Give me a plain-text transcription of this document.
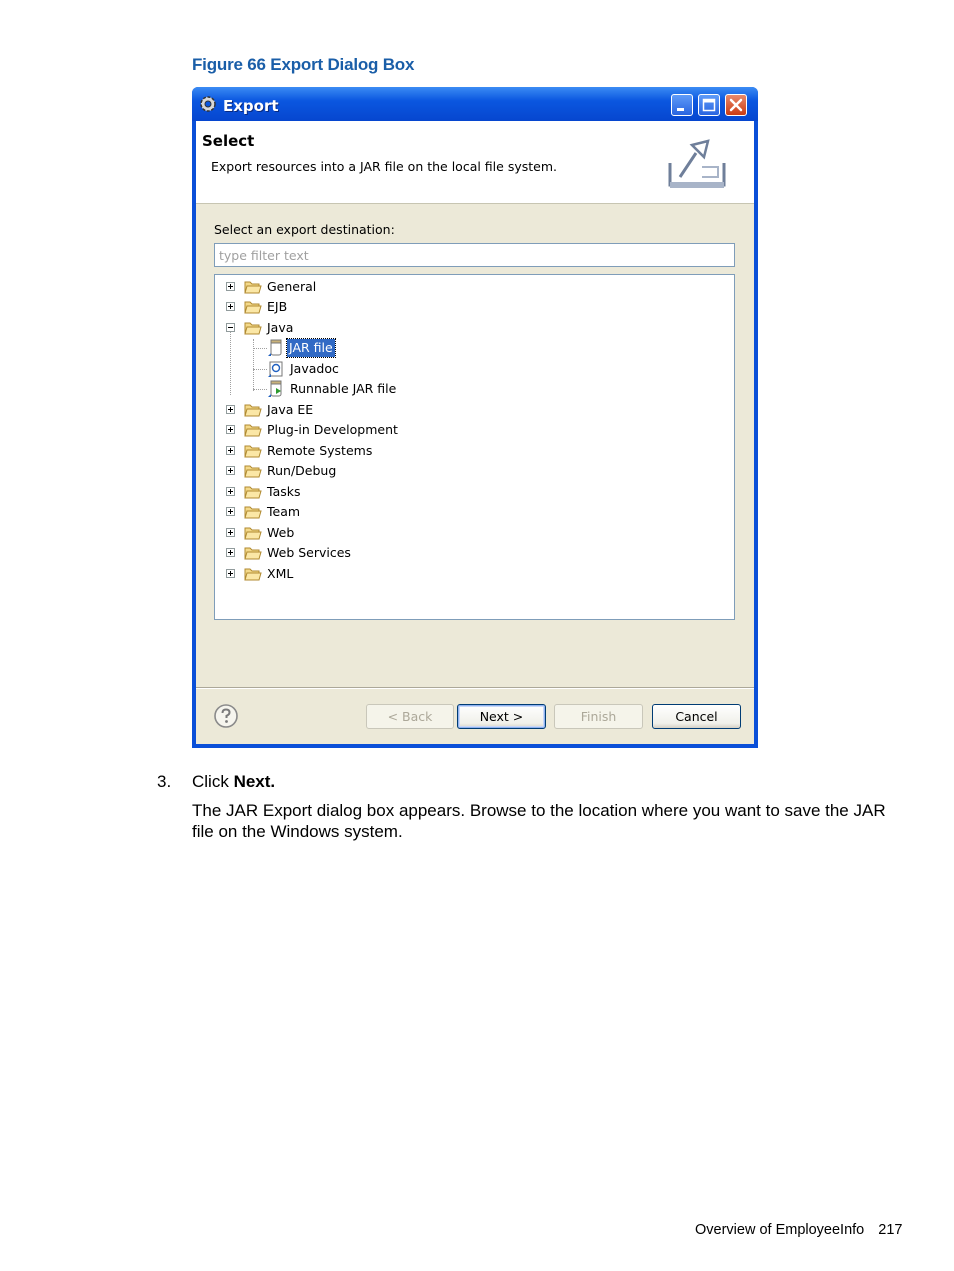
Figure 66 Export Dialog Box
Export
Select
Export resources into a JAR file on the local file system.
Select an export destination:
type filter text
General
EJB
Java
JAR file
Javadoc
Runnable JAR file
Java EE
Plug-in Development
Remote Systems
Run/Debug
Tasks
Team
Web
Web Services
XML
< Back	Next >	Finish	Cancel
3. Click Next.
The JAR Export dialog box appears. Browse to the location where you want to save the JAR file on the Windows system.
Overview of EmployeeInfo 217
